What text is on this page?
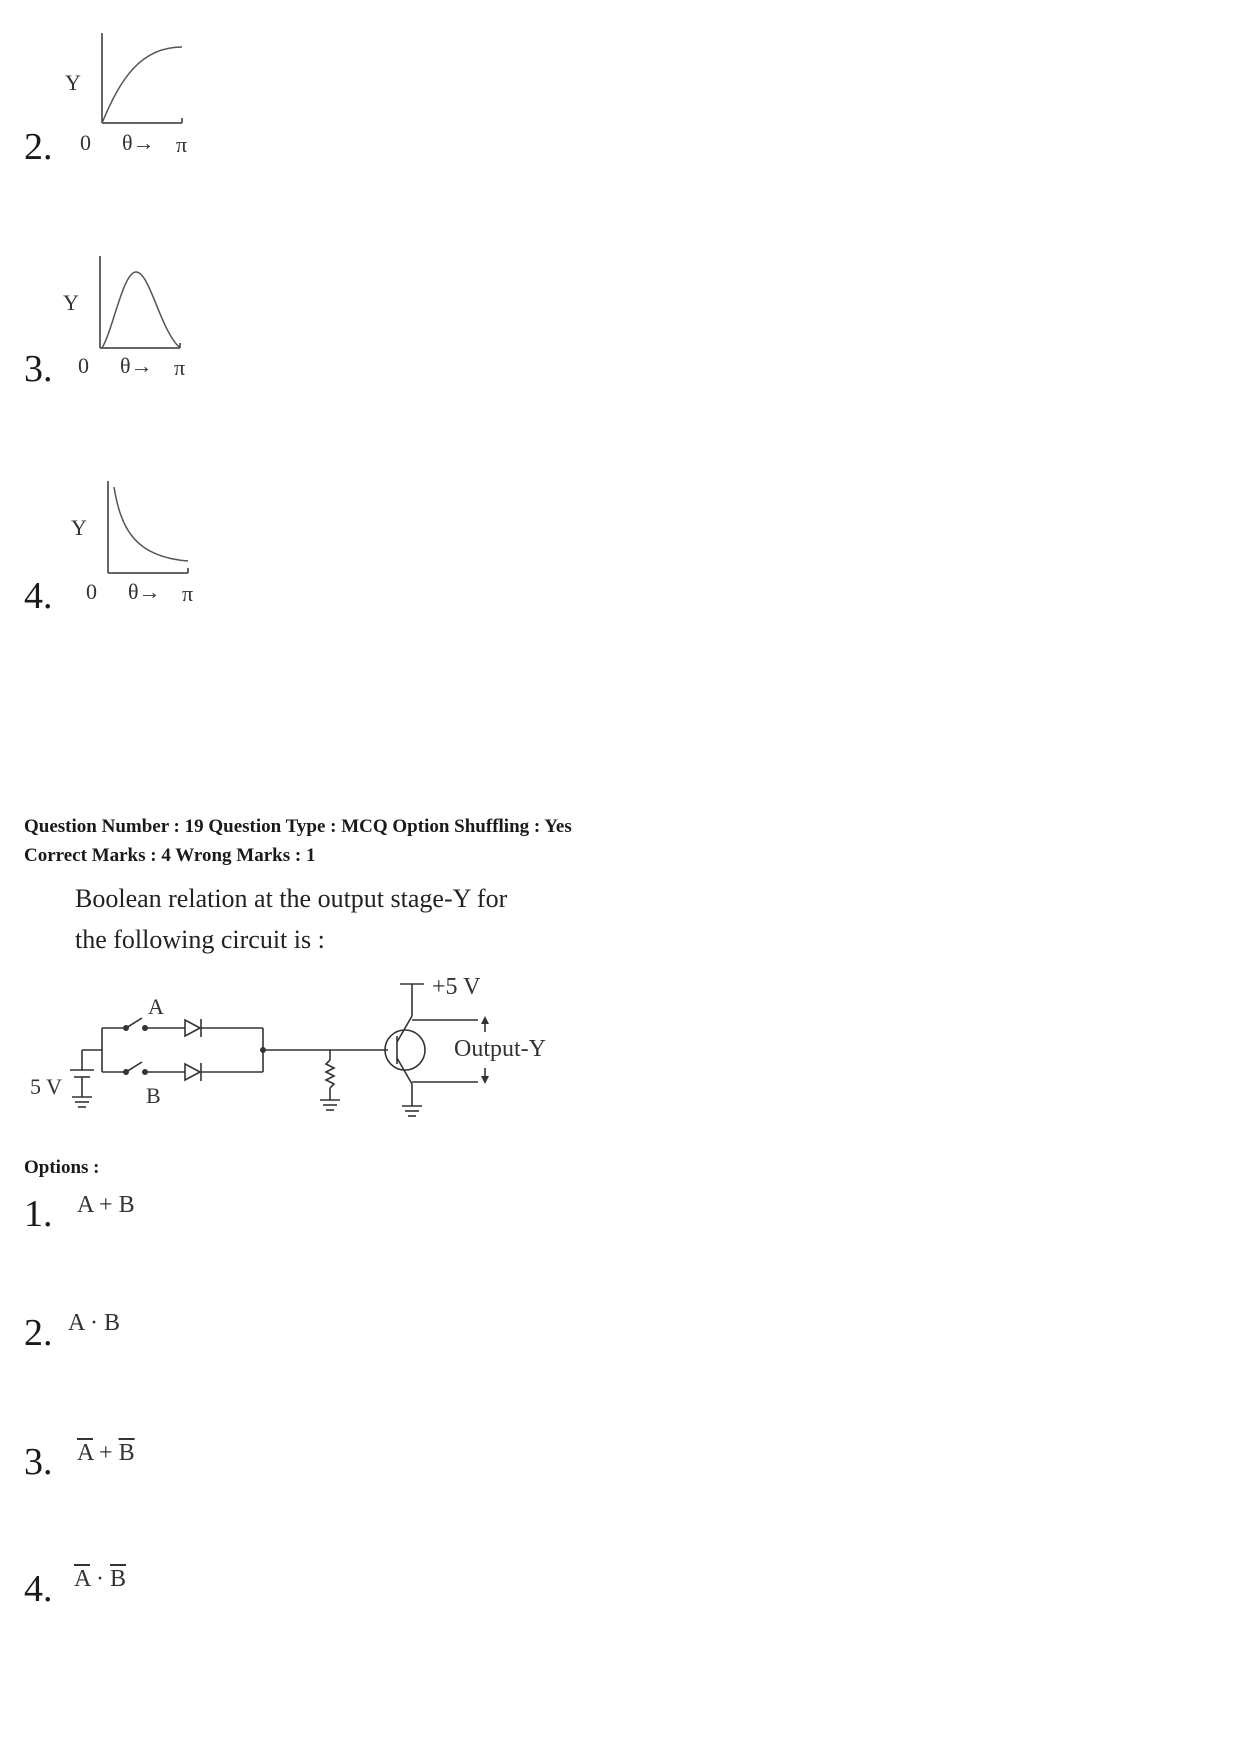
2.
Y
0 θ→ π
3.
Y
0 θ→ π
4.
Y
0 θ→ π
Question Number : 19 Question Type : MCQ Option Shuffling : Yes
Correct Marks : 4 Wrong Marks : 1
Boolean relation at the output stage-Y for
the following circuit is :
A
B
5 V
+5 V
Output-Y
Options :
1. A + B
2. A · B
3. $\overline{A} + \overline{B}$
4. $\overline{A} \cdot \overline{B}$
